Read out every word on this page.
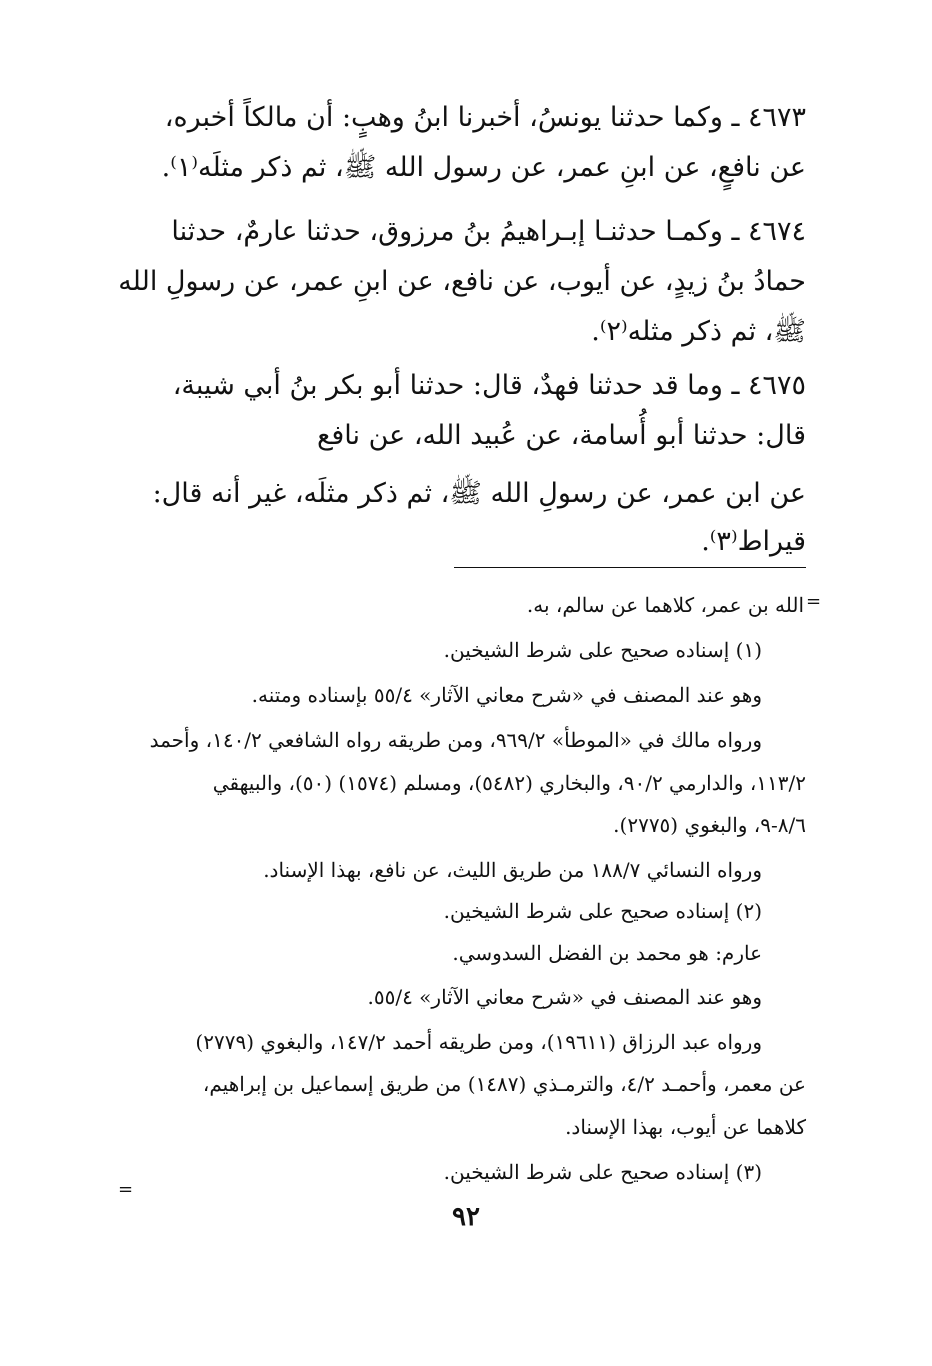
٤٦٧٣ ـ وكما حدثنا يونسُ، أخبرنا ابنُ وهبٍ: أن مالكاً أخبره،
عن نافعٍ، عن ابنِ عمر، عن رسول الله ﷺ، ثم ذكر مثلَه⁽١⁾.
٤٦٧٤ ـ وكمـا حدثنـا إبـراهيمُ بنُ مرزوق، حدثنا عارمٌ، حدثنا
حمادُ بنُ زيدٍ، عن أيوب، عن نافع، عن ابنِ عمر، عن رسولِ الله
ﷺ، ثم ذكر مثله⁽٢⁾.
٤٦٧٥ ـ وما قد حدثنا فهدٌ، قال: حدثنا أبو بكر بنُ أبي شيبة،
قال: حدثنا أبو أُسامة، عن عُبيد الله، عن نافع
عن ابن عمر، عن رسولِ الله ﷺ، ثم ذكر مثلَه، غير أنه قال:
قيراط⁽٣⁾.
=
الله بن عمر، كلاهما عن سالم، به.
(١) إسناده صحيح على شرط الشيخين.
وهو عند المصنف في «شرح معاني الآثار» ٥٥/٤ بإسناده ومتنه.
ورواه مالك في «الموطأ» ٩٦٩/٢، ومن طريقه رواه الشافعي ١٤٠/٢، وأحمد
١١٣/٢، والدارمي ٩٠/٢، والبخاري (٥٤٨٢)، ومسلم (١٥٧٤) (٥٠)، والبيهقي
٨/٦-٩، والبغوي (٢٧٧٥).
ورواه النسائي ١٨٨/٧ من طريق الليث، عن نافع، بهذا الإسناد.
(٢) إسناده صحيح على شرط الشيخين.
عارم: هو محمد بن الفضل السدوسي.
وهو عند المصنف في «شرح معاني الآثار» ٥٥/٤.
ورواه عبد الرزاق (١٩٦١١)، ومن طريقه أحمد ١٤٧/٢، والبغوي (٢٧٧٩)
عن معمر، وأحمـد ٤/٢، والترمـذي (١٤٨٧) من طريق إسماعيل بن إبراهيم،
كلاهما عن أيوب، بهذا الإسناد.
(٣) إسناده صحيح على شرط الشيخين.
=
٩٢
